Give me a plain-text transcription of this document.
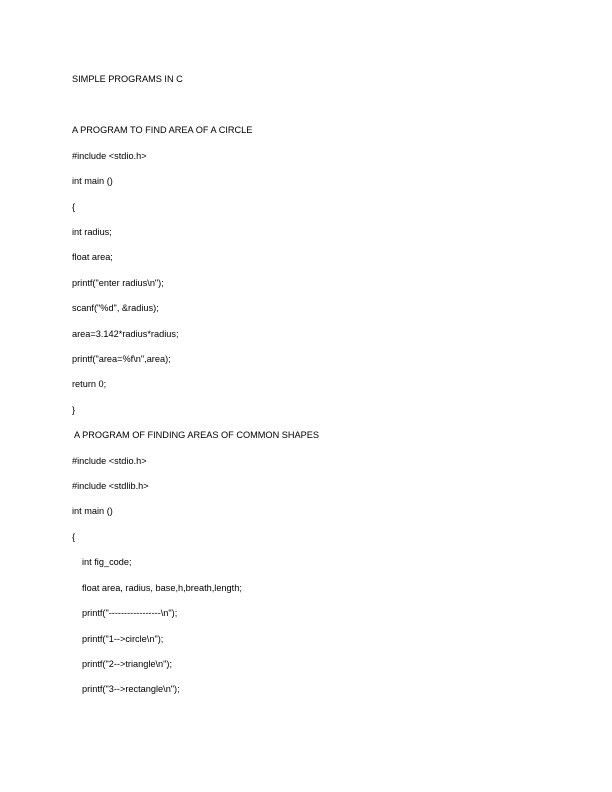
SIMPLE PROGRAMS IN C
A PROGRAM TO FIND AREA OF A CIRCLE
#include <stdio.h>
int main ()
{
int radius;
float area;
printf("enter radius\n");
scanf("%d", &radius);
area=3.142*radius*radius;
printf("area=%f\n",area);
return 0;
}
A PROGRAM OF FINDING AREAS OF COMMON SHAPES
#include <stdio.h>
#include <stdlib.h>
int main ()
{
int fig_code;
float area, radius, base,h,breath,length;
printf("-----------------\n");
printf("1-->circle\n");
printf("2-->triangle\n");
printf("3-->rectangle\n");
